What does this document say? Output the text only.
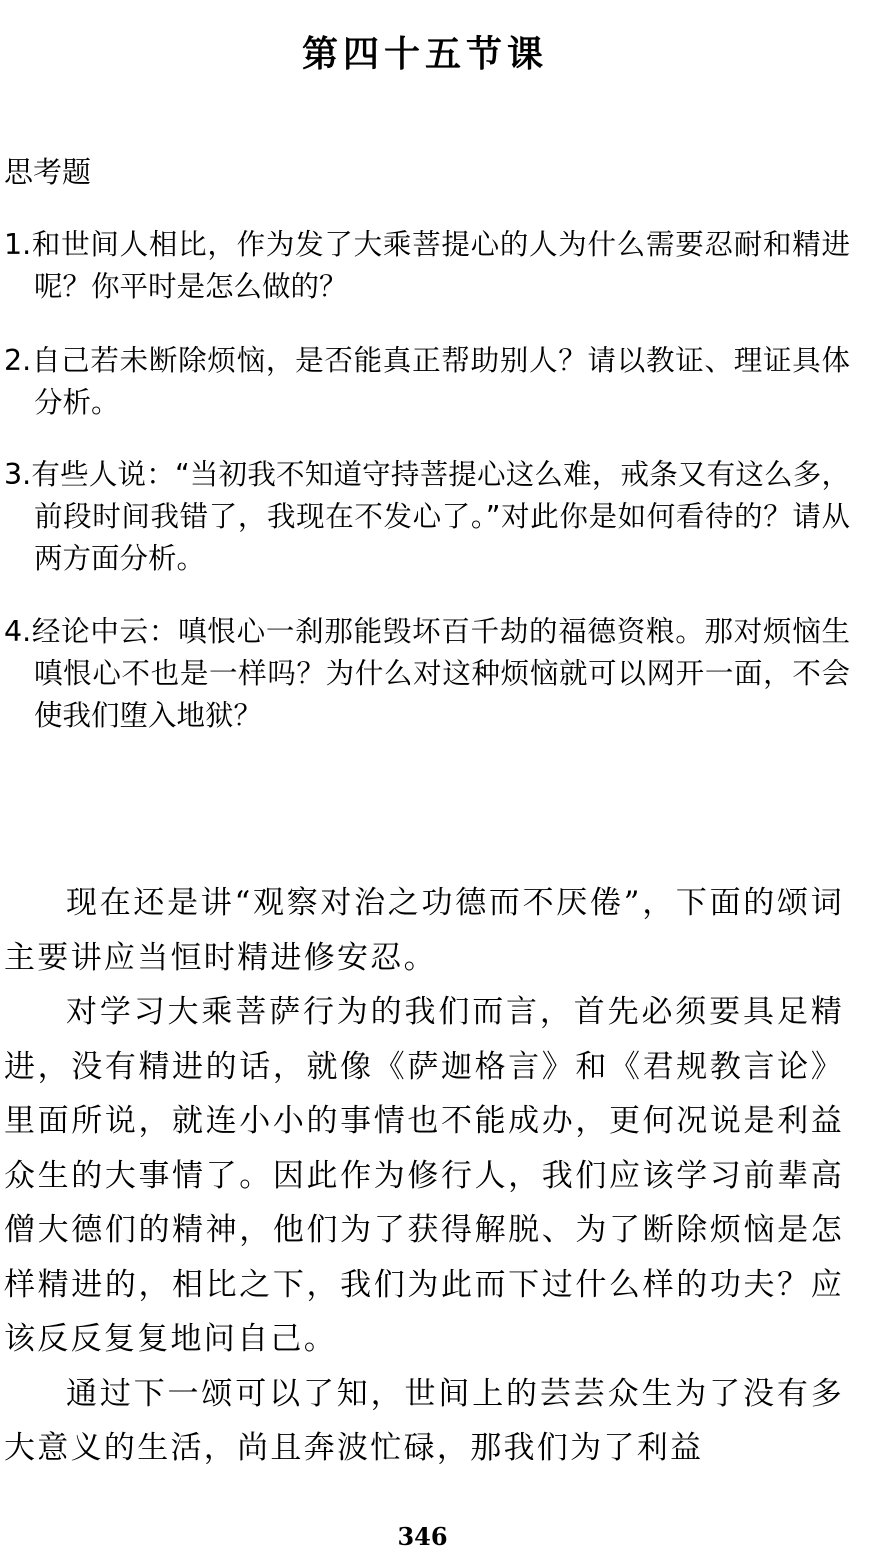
第四十五节课
思考题
1.和世间人相比，作为发了大乘菩提心的人为什么需要忍耐和精进呢？你平时是怎么做的？
2.自己若未断除烦恼，是否能真正帮助别人？请以教证、理证具体分析。
3.有些人说：“当初我不知道守持菩提心这么难，戒条又有这么多，前段时间我错了，我现在不发心了。”对此你是如何看待的？请从两方面分析。
4.经论中云：嗔恨心一刹那能毁坏百千劫的福德资粮。那对烦恼生嗔恨心不也是一样吗？为什么对这种烦恼就可以网开一面，不会使我们堕入地狱？

现在还是讲“观察对治之功德而不厌倦”，下面的颂词主要讲应当恒时精进修安忍。

对学习大乘菩萨行为的我们而言，首先必须要具足精进，没有精进的话，就像《萨迦格言》和《君规教言论》里面所说，就连小小的事情也不能成办，更何况说是利益众生的大事情了。因此作为修行人，我们应该学习前辈高僧大德们的精神，他们为了获得解脱、为了断除烦恼是怎样精进的，相比之下，我们为此而下过什么样的功夫？应该反反复复地问自己。

通过下一颂可以了知，世间上的芸芸众生为了没有多大意义的生活，尚且奔波忙碌，那我们为了利益

346
